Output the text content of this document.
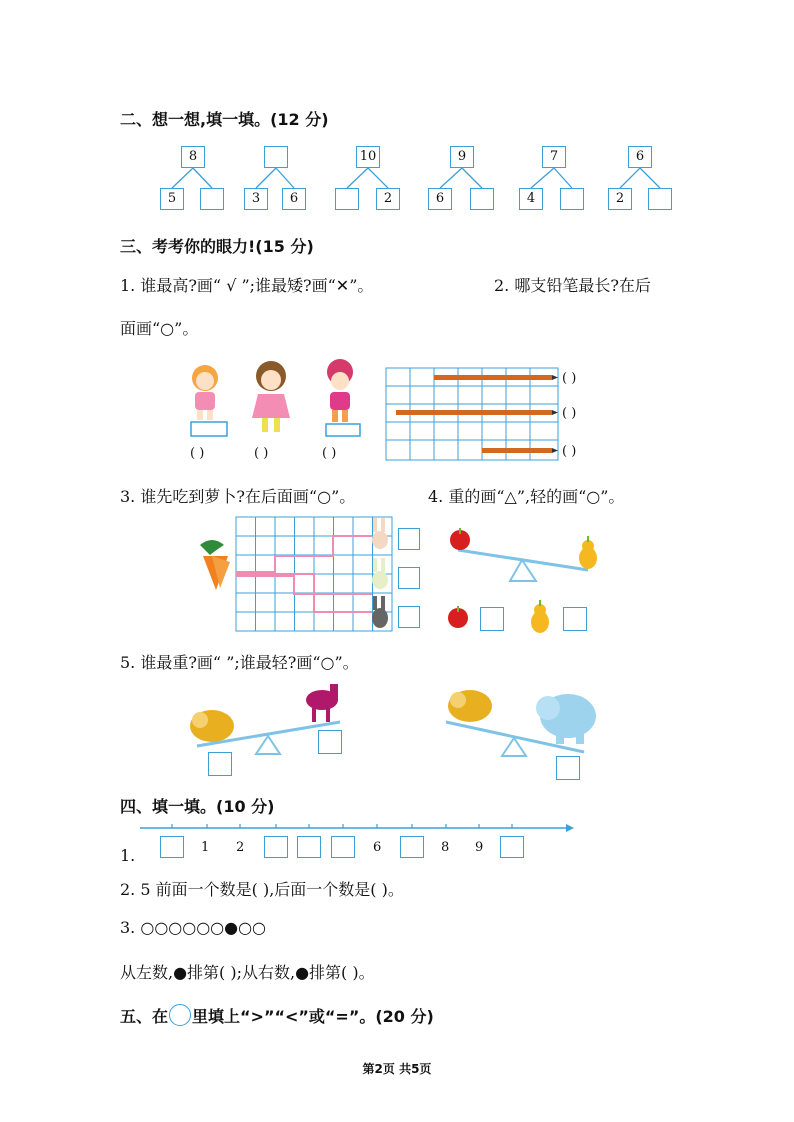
二、想一想,填一填。(12 分)
8
5	3	6
10
2
9
6
7
4
6
2
三、考考你的眼力!(15 分)
1. 谁最高?画“ √ ”;谁最矮?画“✕”。	2. 哪支铅笔最长?在后
面画“○”。
( )	( )	( )
( )
( )
( )
3. 谁先吃到萝卜?在后面画“○”。	4. 重的画“△”,轻的画“○”。
5. 谁最重?画“ ”;谁最轻?画“○”。
四、填一填。(10 分)
1.	1 2	6	8 9
2. 5 前面一个数是( ),后面一个数是( )。
3. ○○○○○○●○○
从左数,●排第( );从右数,●排第( )。
五、在 里填上“>”“<”或“=”。(20 分)
第2页 共5页
